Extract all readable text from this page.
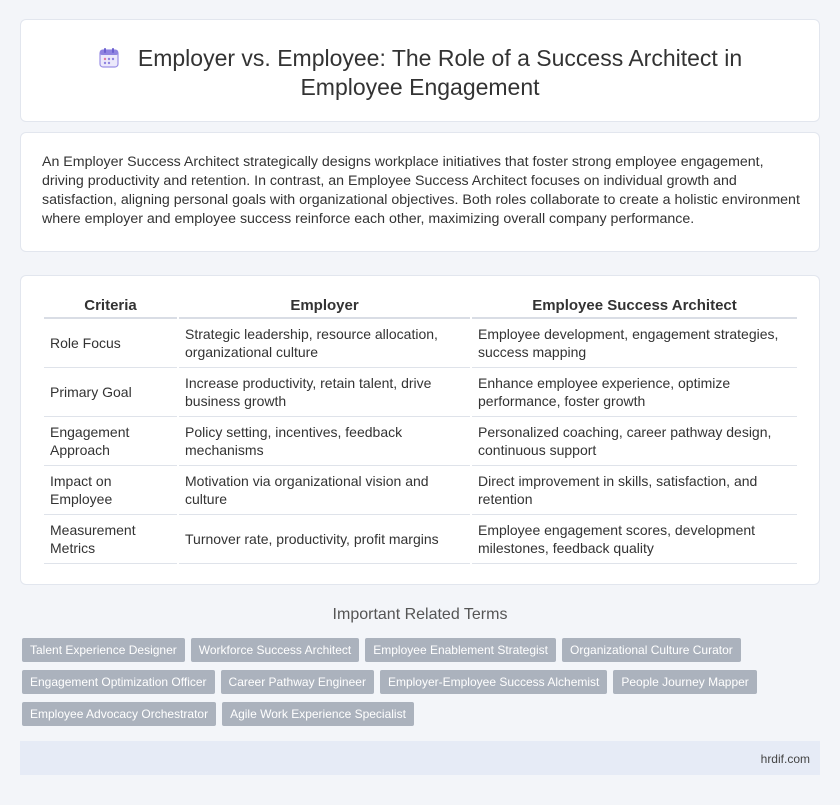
Employer vs. Employee: The Role of a Success Architect in Employee Engagement

An Employer Success Architect strategically designs workplace initiatives that foster strong employee engagement, driving productivity and retention. In contrast, an Employee Success Architect focuses on individual growth and satisfaction, aligning personal goals with organizational objectives. Both roles collaborate to create a holistic environment where employer and employee success reinforce each other, maximizing overall company performance.

Criteria	Employer	Employee Success Architect
Role Focus	Strategic leadership, resource allocation, organizational culture	Employee development, engagement strategies, success mapping
Primary Goal	Increase productivity, retain talent, drive business growth	Enhance employee experience, optimize performance, foster growth
Engagement Approach	Policy setting, incentives, feedback mechanisms	Personalized coaching, career pathway design, continuous support
Impact on Employee	Motivation via organizational vision and culture	Direct improvement in skills, satisfaction, and retention
Measurement Metrics	Turnover rate, productivity, profit margins	Employee engagement scores, development milestones, feedback quality
Important Related Terms
Talent Experience Designer	Workforce Success Architect	Employee Enablement Strategist	Organizational Culture Curator
Engagement Optimization Officer	Career Pathway Engineer	Employer-Employee Success Alchemist	People Journey Mapper
Employee Advocacy Orchestrator	Agile Work Experience Specialist
hrdif.com
